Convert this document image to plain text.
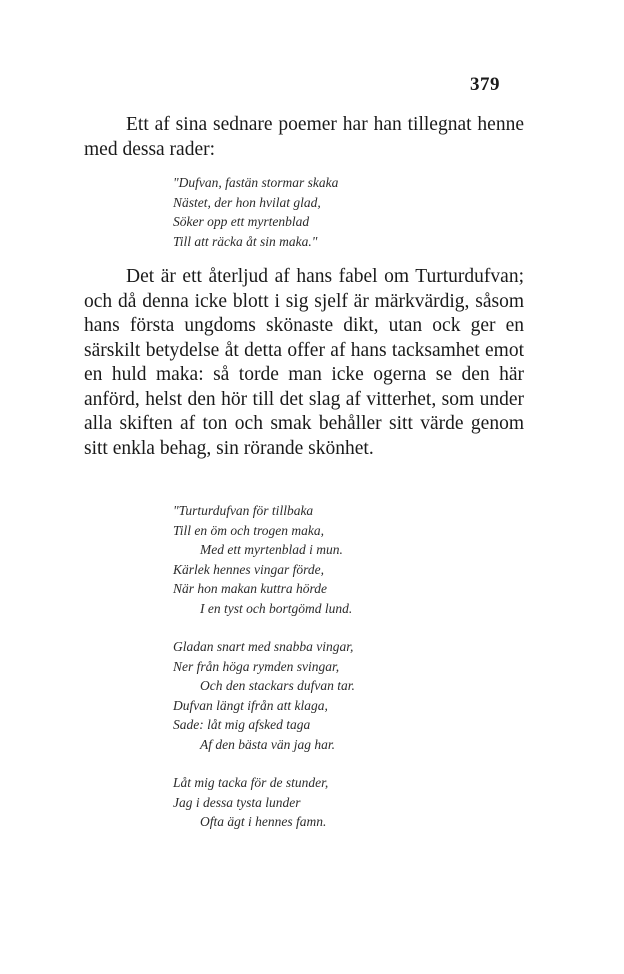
379

Ett af sina sednare poemer har han tillegnat henne med dessa rader:

"Dufvan, fastän stormar skaka
Nästet, der hon hvilat glad,
Söker opp ett myrtenblad
Till att räcka åt sin maka."

Det är ett återljud af hans fabel om Turturdufvan; och då denna icke blott i sig sjelf är märkvärdig, såsom hans första ungdoms skönaste dikt, utan ock ger en särskilt betydelse åt detta offer af hans tacksamhet emot en huld maka: så torde man icke ogerna se den här anförd, helst den hör till det slag af vitterhet, som under alla skiften af ton och smak behåller sitt värde genom sitt enkla behag, sin rörande skönhet.

"Turturdufvan för tillbaka
Till en öm och trogen maka,
Med ett myrtenblad i mun.
Kärlek hennes vingar förde,
När hon makan kuttra hörde
I en tyst och bortgömd lund.
Gladan snart med snabba vingar,
Ner från höga rymden svingar,
Och den stackars dufvan tar.
Dufvan längt ifrån att klaga,
Sade: låt mig afsked taga
Af den bästa vän jag har.
Låt mig tacka för de stunder,
Jag i dessa tysta lunder
Ofta ägt i hennes famn.
